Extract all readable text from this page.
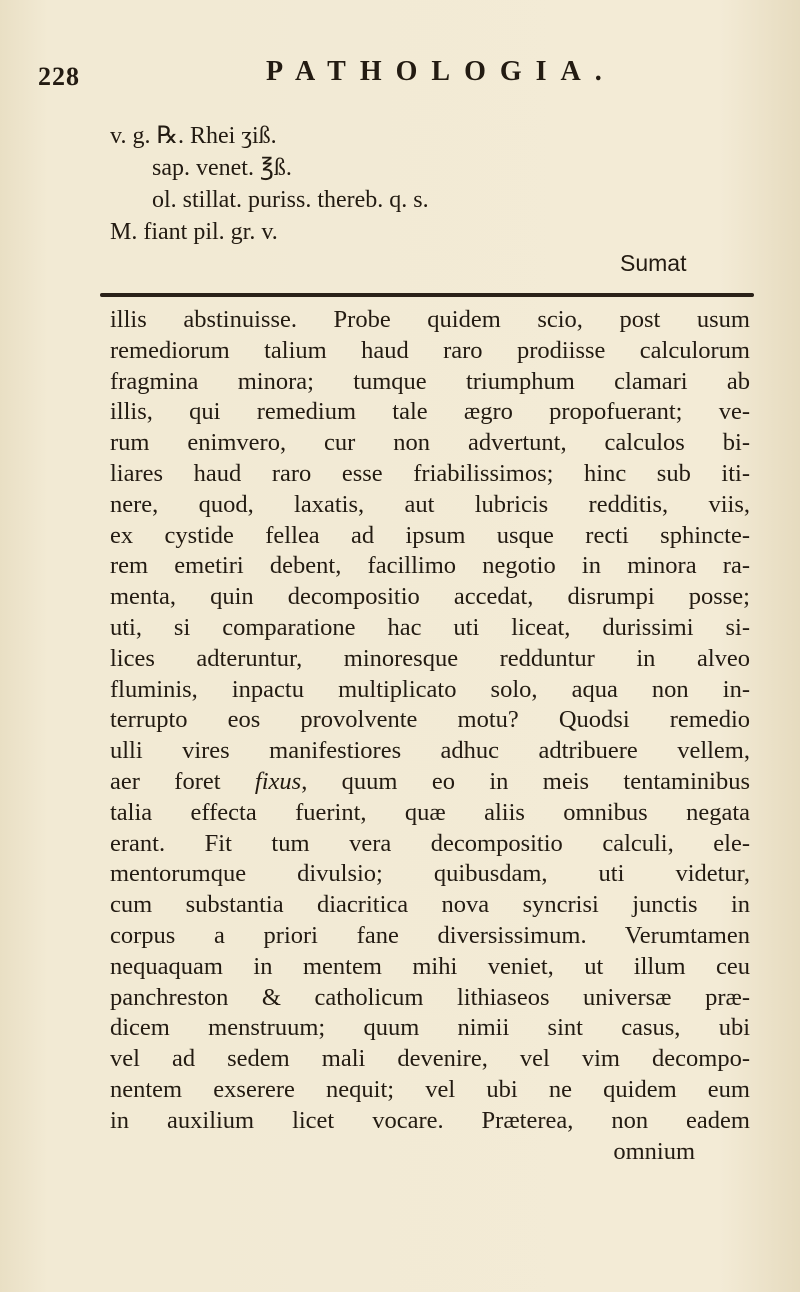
228	PATHOLOGIA.
v. g. ℞. Rhei ʒiß.
sap. venet. ℥ß.
ol. stillat. puriss. thereb. q. s.
M. fiant pil. gr. v.
Sumat
illis abstinuisse. Probe quidem scio, post usum
remediorum talium haud raro prodiisse calculorum
fragmina minora; tumque triumphum clamari ab
illis, qui remedium tale ægro propofuerant; ve-
rum enimvero, cur non advertunt, calculos bi-
liares haud raro esse friabilissimos; hinc sub iti-
nere, quod, laxatis, aut lubricis redditis, viis,
ex cystide fellea ad ipsum usque recti sphincte-
rem emetiri debent, facillimo negotio in minora ra-
menta, quin decompositio accedat, disrumpi posse;
uti, si comparatione hac uti liceat, durissimi si-
lices adteruntur, minoresque redduntur in alveo
fluminis, inpactu multiplicato solo, aqua non in-
terrupto eos provolvente motu? Quodsi remedio
ulli vires manifestiores adhuc adtribuere vellem,
aer foret fixus, quum eo in meis tentaminibus
talia effecta fuerint, quæ aliis omnibus negata
erant. Fit tum vera decompositio calculi, ele-
mentorumque divulsio; quibusdam, uti videtur,
cum substantia diacritica nova syncrisi junctis in
corpus a priori fane diversissimum. Verumtamen
nequaquam in mentem mihi veniet, ut illum ceu
panchreston & catholicum lithiaseos universæ præ-
dicem menstruum; quum nimii sint casus, ubi
vel ad sedem mali devenire, vel vim decompo-
nentem exserere nequit; vel ubi ne quidem eum
in auxilium licet vocare. Præterea, non eadem
omnium
